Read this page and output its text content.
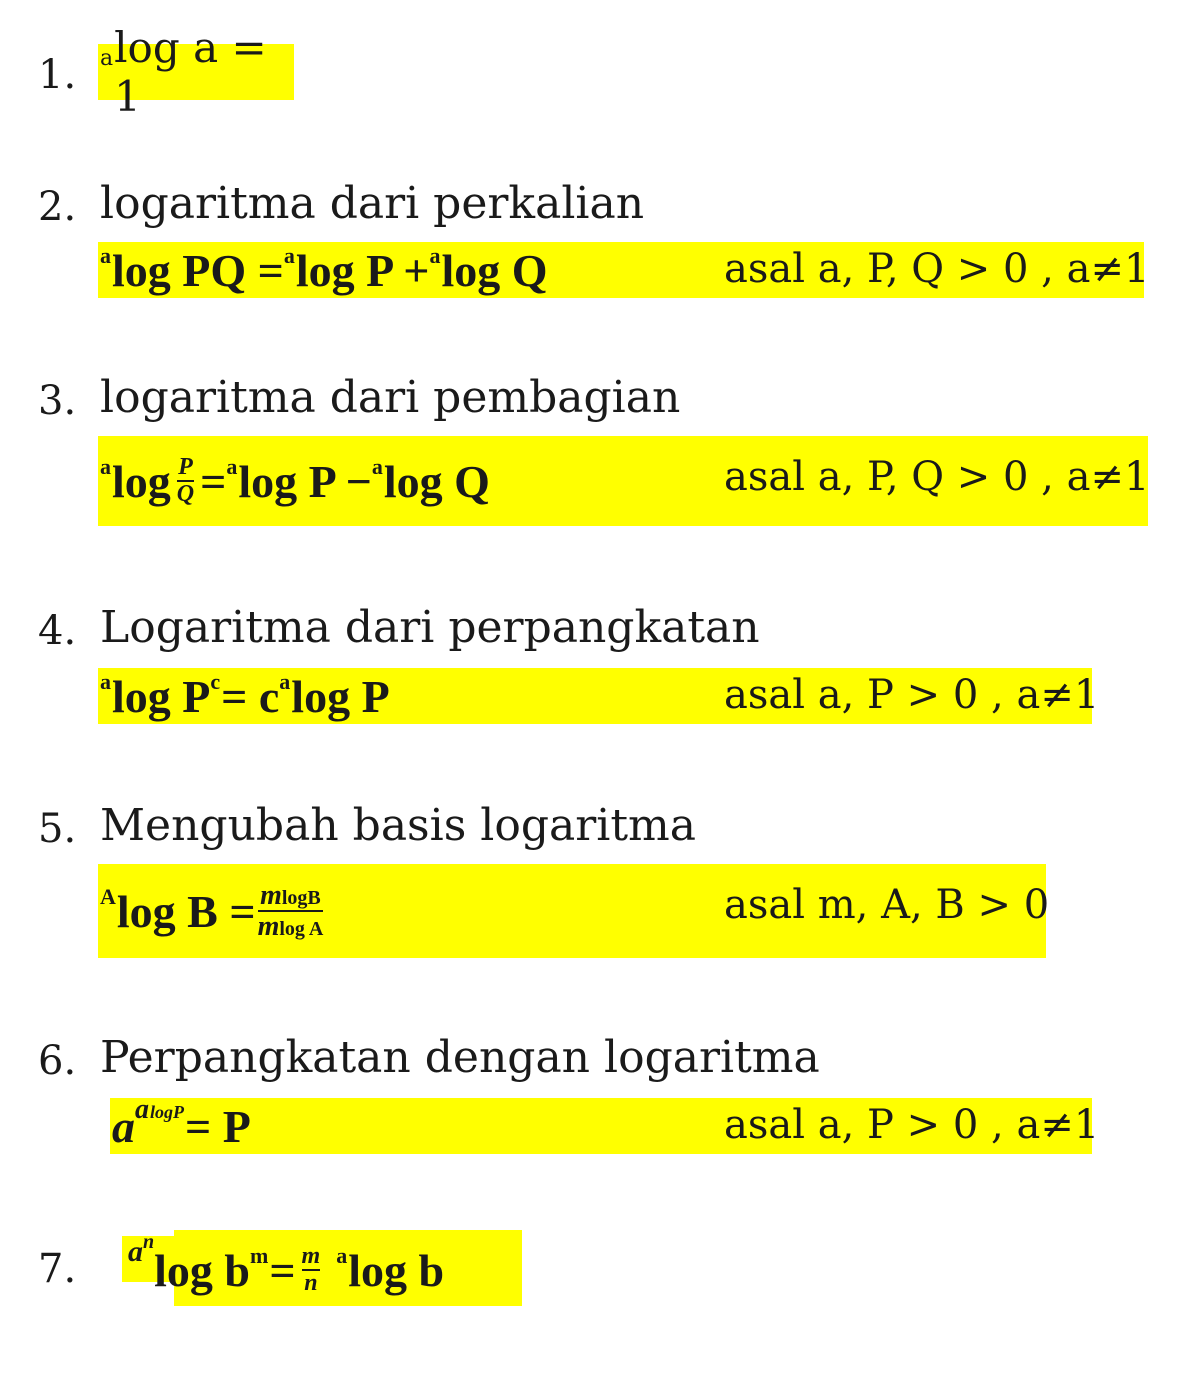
1. a log a = 1
2. logaritma dari perkalian
a log PQ = a log P + a log Q	asal a, P, Q > 0 , a≠1
3. logaritma dari pembagian
a $\log \frac{P}{Q} = a$ log P − a log Q	asal a, P, Q > 0 , a≠1
4. Logaritma dari perpangkatan
a log P c = c a log P	asal a, P > 0 , a≠1
5. Mengubah basis logaritma
A $\log B = \frac{mlogB}{\text{mlog A}}$	asal m, A, B > 0
6. Perpangkatan dengan logaritma
a a logP = P	asal a, P > 0 , a≠1
7. a n
log b $m = \frac{m}{n}$ a log b
